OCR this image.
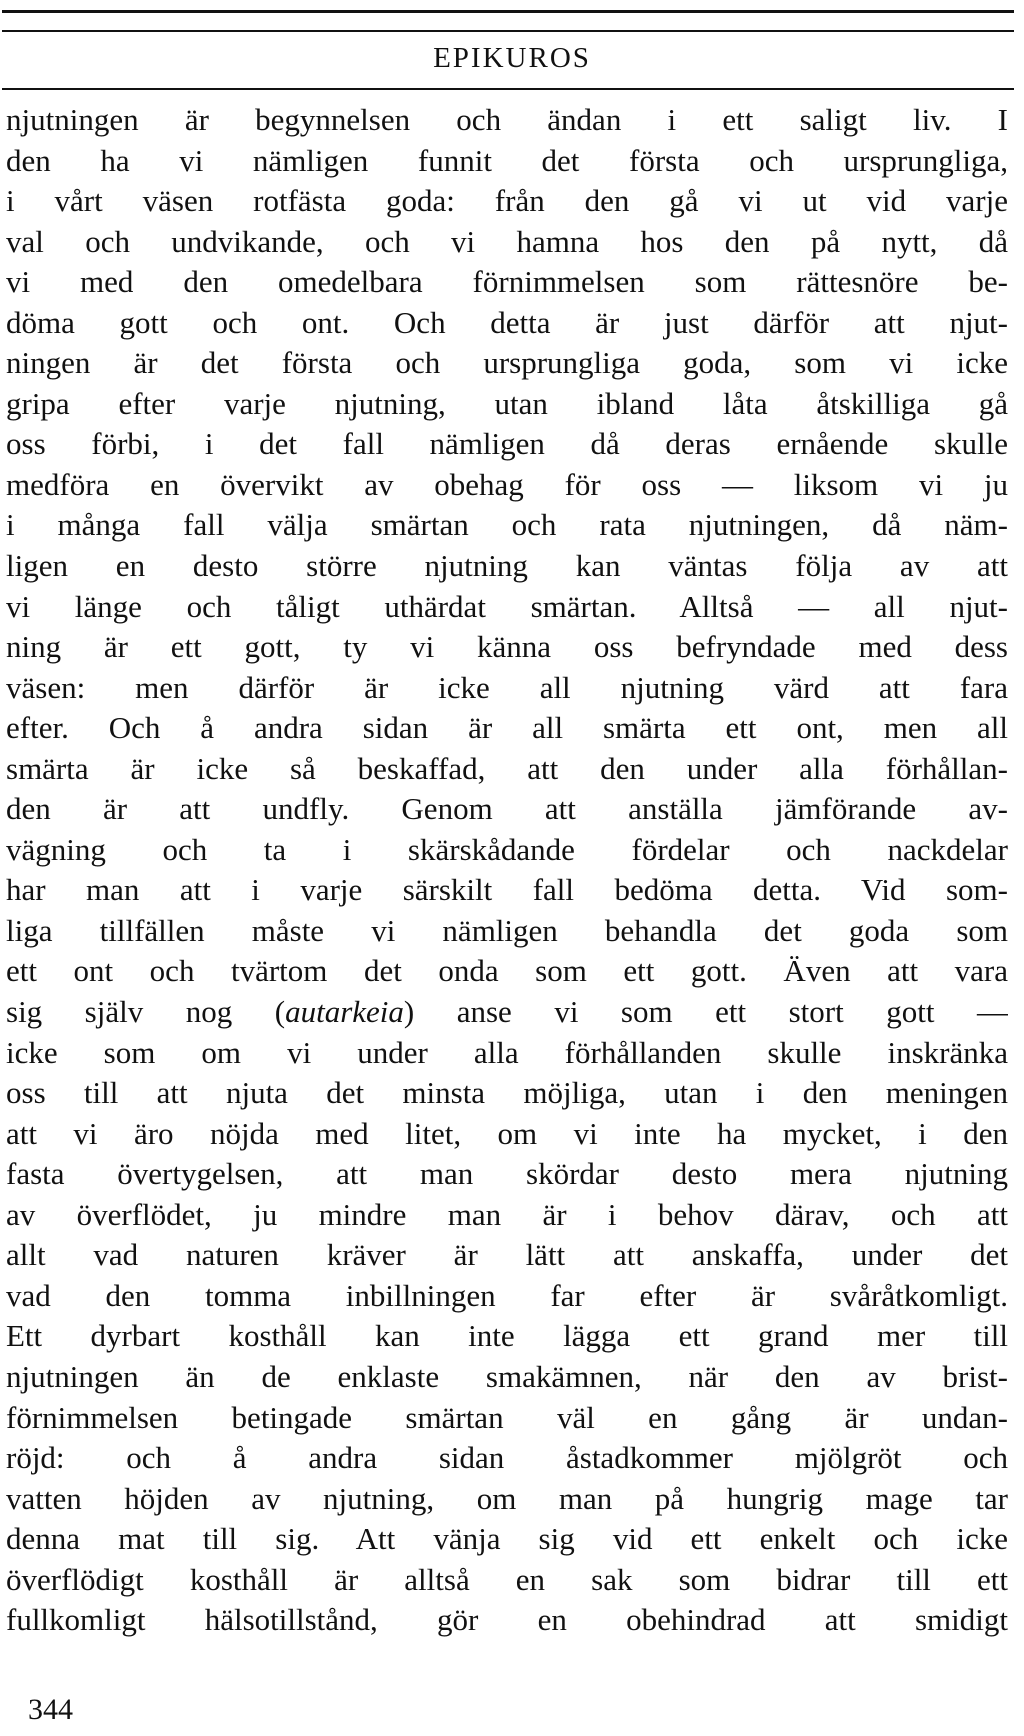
EPIKUROS
njutningen är begynnelsen och ändan i ett saligt liv. I
den ha vi nämligen funnit det första och ursprungliga,
i vårt väsen rotfästa goda: från den gå vi ut vid varje
val och undvikande, och vi hamna hos den på nytt, då
vi med den omedelbara förnimmelsen som rättesnöre be-
döma gott och ont. Och detta är just därför att njut-
ningen är det första och ursprungliga goda, som vi icke
gripa efter varje njutning, utan ibland låta åtskilliga gå
oss förbi, i det fall nämligen då deras ernående skulle
medföra en övervikt av obehag för oss — liksom vi ju
i många fall välja smärtan och rata njutningen, då näm-
ligen en desto större njutning kan väntas följa av att
vi länge och tåligt uthärdat smärtan. Alltså — all njut-
ning är ett gott, ty vi känna oss befryndade med dess
väsen: men därför är icke all njutning värd att fara
efter. Och å andra sidan är all smärta ett ont, men all
smärta är icke så beskaffad, att den under alla förhållan-
den är att undfly. Genom att anställa jämförande av-
vägning och ta i skärskådande fördelar och nackdelar
har man att i varje särskilt fall bedöma detta. Vid som-
liga tillfällen måste vi nämligen behandla det goda som
ett ont och tvärtom det onda som ett gott. Även att vara
sig själv nog (autarkeia) anse vi som ett stort gott —
icke som om vi under alla förhållanden skulle inskränka
oss till att njuta det minsta möjliga, utan i den meningen
att vi äro nöjda med litet, om vi inte ha mycket, i den
fasta övertygelsen, att man skördar desto mera njutning
av överflödet, ju mindre man är i behov därav, och att
allt vad naturen kräver är lätt att anskaffa, under det
vad den tomma inbillningen far efter är svåråtkomligt.
Ett dyrbart kosthåll kan inte lägga ett grand mer till
njutningen än de enklaste smakämnen, när den av brist-
förnimmelsen betingade smärtan väl en gång är undan-
röjd: och å andra sidan åstadkommer mjölgröt och
vatten höjden av njutning, om man på hungrig mage tar
denna mat till sig. Att vänja sig vid ett enkelt och icke
överflödigt kosthåll är alltså en sak som bidrar till ett
fullkomligt hälsotillstånd, gör en obehindrad att smidigt
344
